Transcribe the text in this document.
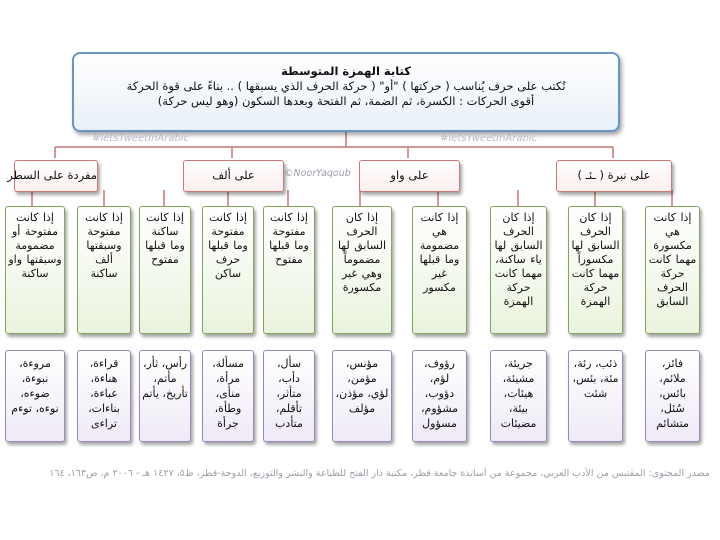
كتابة الهمزة المتوسطة
تُكتب على حرف يُناسب ( حركتها ) "أو" ( حركة الحرف الذي يسبقها ) .. بناءً على قوة الحركة
أقوى الحركات : الكسرة، ثم الضمة، ثم الفتحة وبعدها السكون (وهو ليس حركة)
#letsTweetInArabic	#letsTweetInArabic
©NoorYaqoub	على نبرة ( ـئـ )
على واو
على ألف
مفردة على السطر
إذا كانت هي مكسورة مهما كانت حركة الحرف السابق
إذا كان الحرف السابق لها مكسوراً مهما كانت حركة الهمزة
إذا كان الحرف السابق لها ياء ساكنة، مهما كانت حركة الهمزة
إذا كانت هي مضمومة وما قبلها غير مكسور
إذا كان الحرف السابق لها مضموماً وهي غير مكسورة
إذا كانت مفتوحة وما قبلها مفتوح
إذا كانت مفتوحة وما قبلها حرف ساكن
إذا كانت ساكنة وما قبلها مفتوح
إذا كانت مفتوحة وسبقتها ألف ساكنة
إذا كانت مفتوحة أو مضمومة وسبقتها واو ساكنة
فائز، ملائم، بائس، سُئل، متشائم
ذئب، رئة، مئة، بئس، شئت
جريئة، مشيئة، هيئات، بيئة، مضيئات
رؤوف، لؤم، دؤوب، مشؤوم، مسؤول
مؤنس، مؤمن، لؤي، مؤذن، مؤلف
سأل، دأب، متأثر، تأقلم، متأدب
مسألة، مرأة، منأى، وطأة، جرأة
رأس، ثأر، مأتم، تأريخ، يأتم
قراءة، هناءة، عباءة، بناءات، تراءى
مروءة، نبوءة، ضوءه، نوءه، توءم
مصدر المحتوى: المقتبس من الأدب العربي، مجموعة من أساتذة جامعة قطر، مكتبة دار الفتح للطباعة والنشر والتوزيع، الدوحة-قطر، ط٥، ١٤٢٧ هـ - ٢٠٠٦ م، ص١٦٣، ١٦٤
